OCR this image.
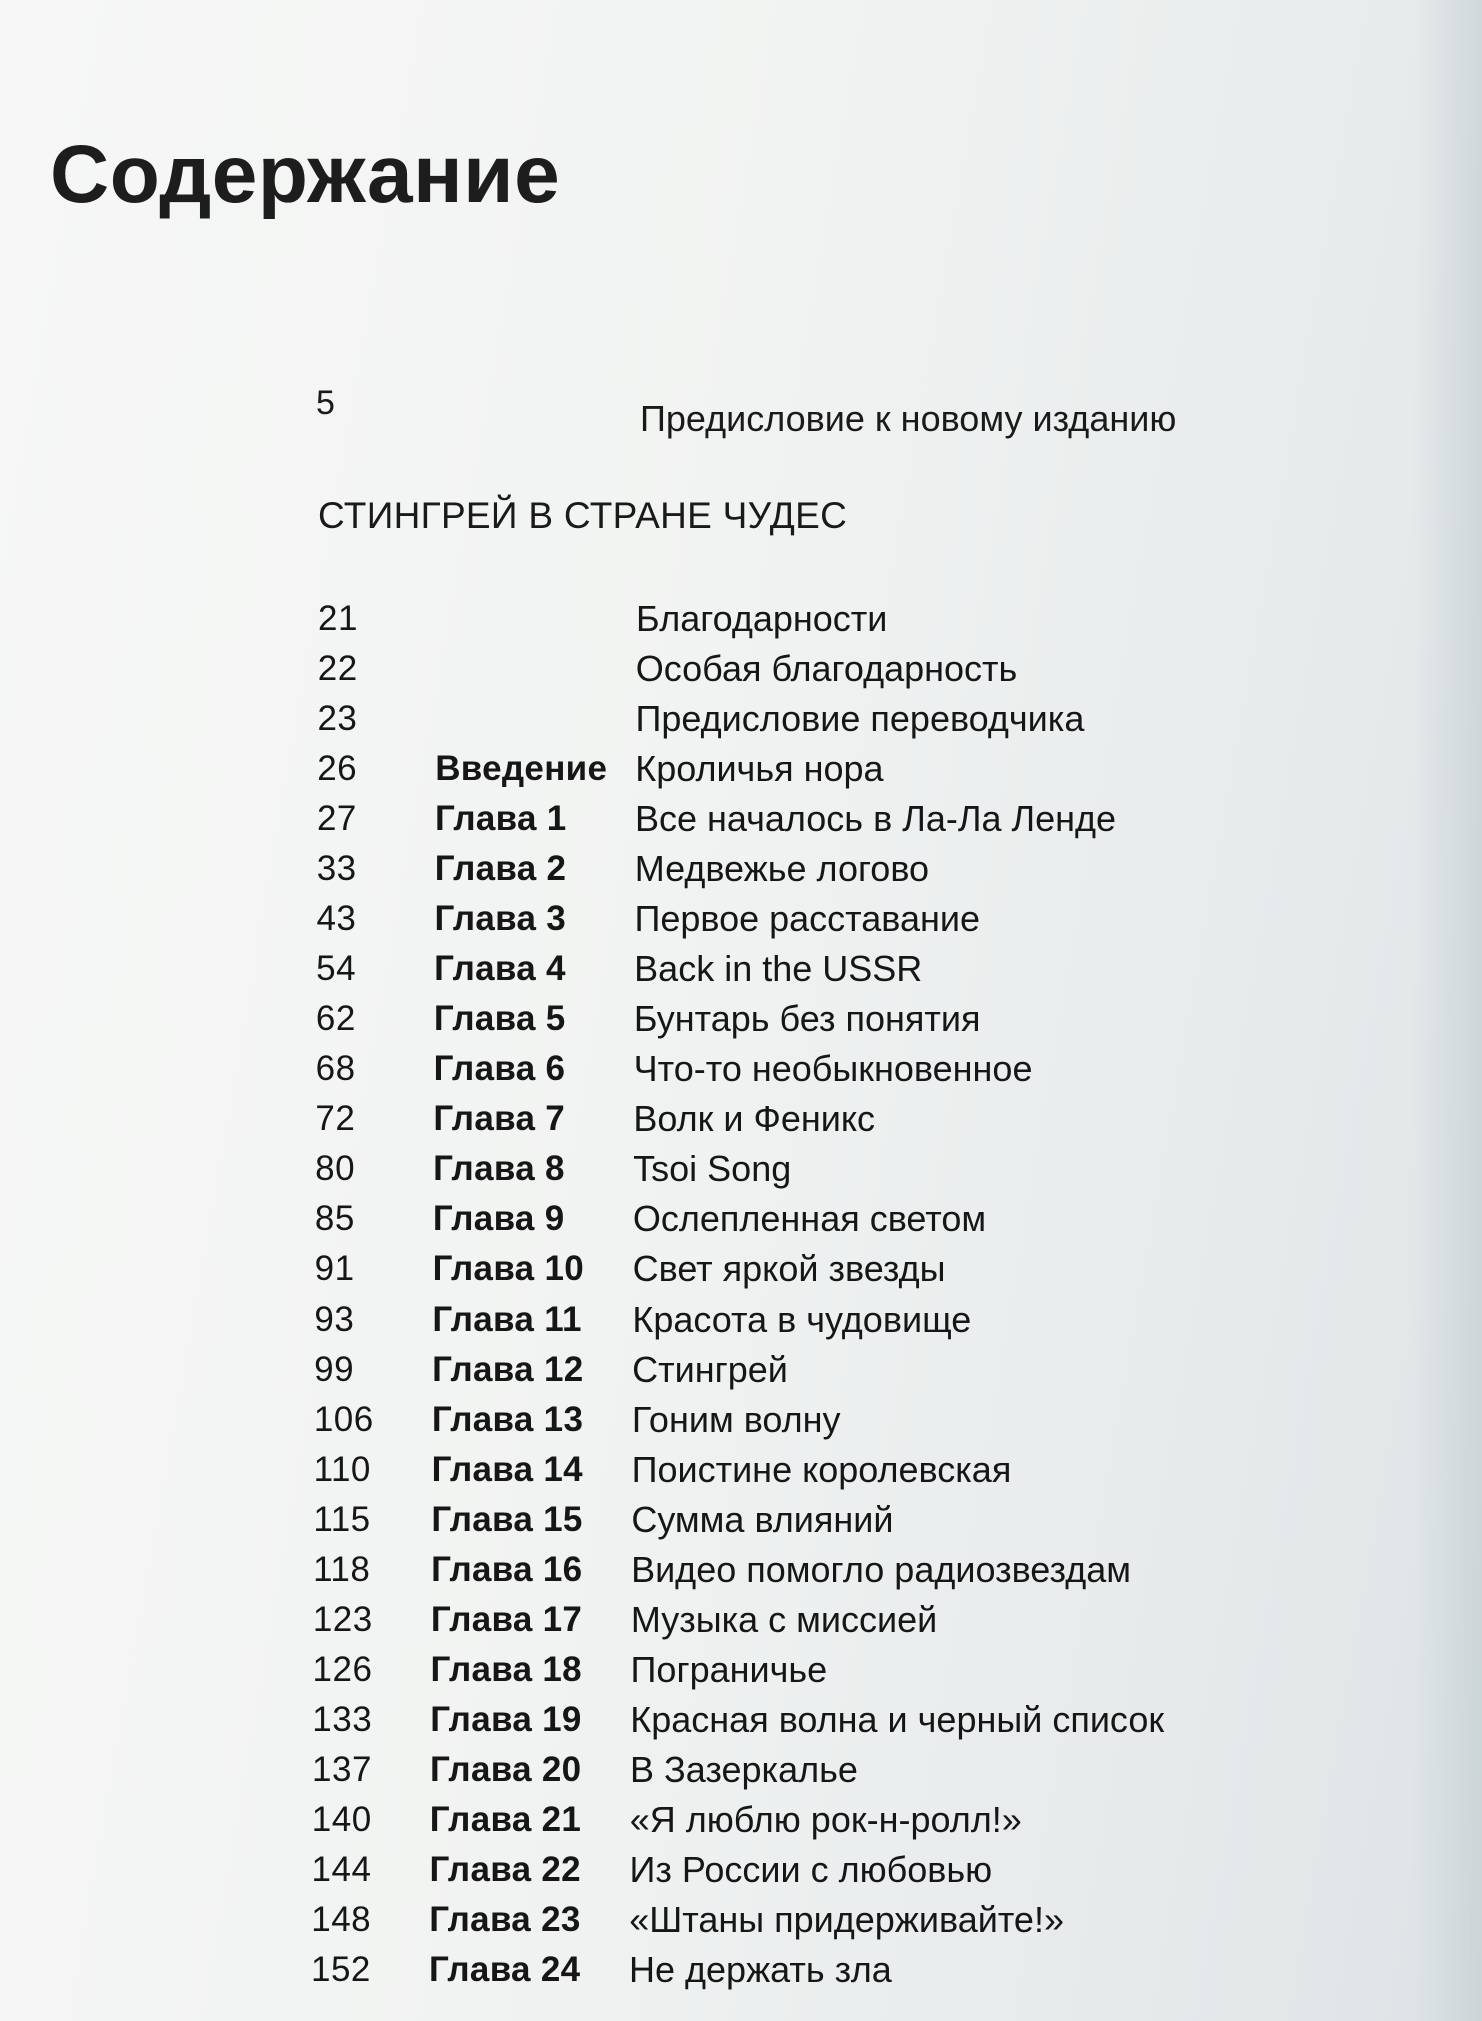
Содержание
5	Предисловие к новому изданию
СТИНГРЕЙ В СТРАНЕ ЧУДЕС
21	Благодарности
22	Особая благодарность
23	Предисловие переводчика
26 Введение Кроличья нора
27 Глава 1 Все началось в Ла-Ла Ленде
33 Глава 2 Медвежье логово
43 Глава 3 Первое расставание
54 Глава 4 Back in the USSR
62 Глава 5 Бунтарь без понятия
68 Глава 6 Что-то необыкновенное
72 Глава 7 Волк и Феникс
80 Глава 8 Tsoi Song
85 Глава 9 Ослепленная светом
91 Глава 10 Свет яркой звезды
93 Глава 11 Красота в чудовище
99 Глава 12 Стингрей
106 Глава 13 Гоним волну
110 Глава 14 Поистине королевская
115 Глава 15 Сумма влияний
118 Глава 16 Видео помогло радиозвездам
123 Глава 17 Музыка с миссией
126 Глава 18 Пограничье
133 Глава 19 Красная волна и черный список
137 Глава 20 В Зазеркалье
140 Глава 21 «Я люблю рок-н-ролл!»
144 Глава 22 Из России с любовью
148 Глава 23 «Штаны придерживайте!»
152 Глава 24 Не держать зла
